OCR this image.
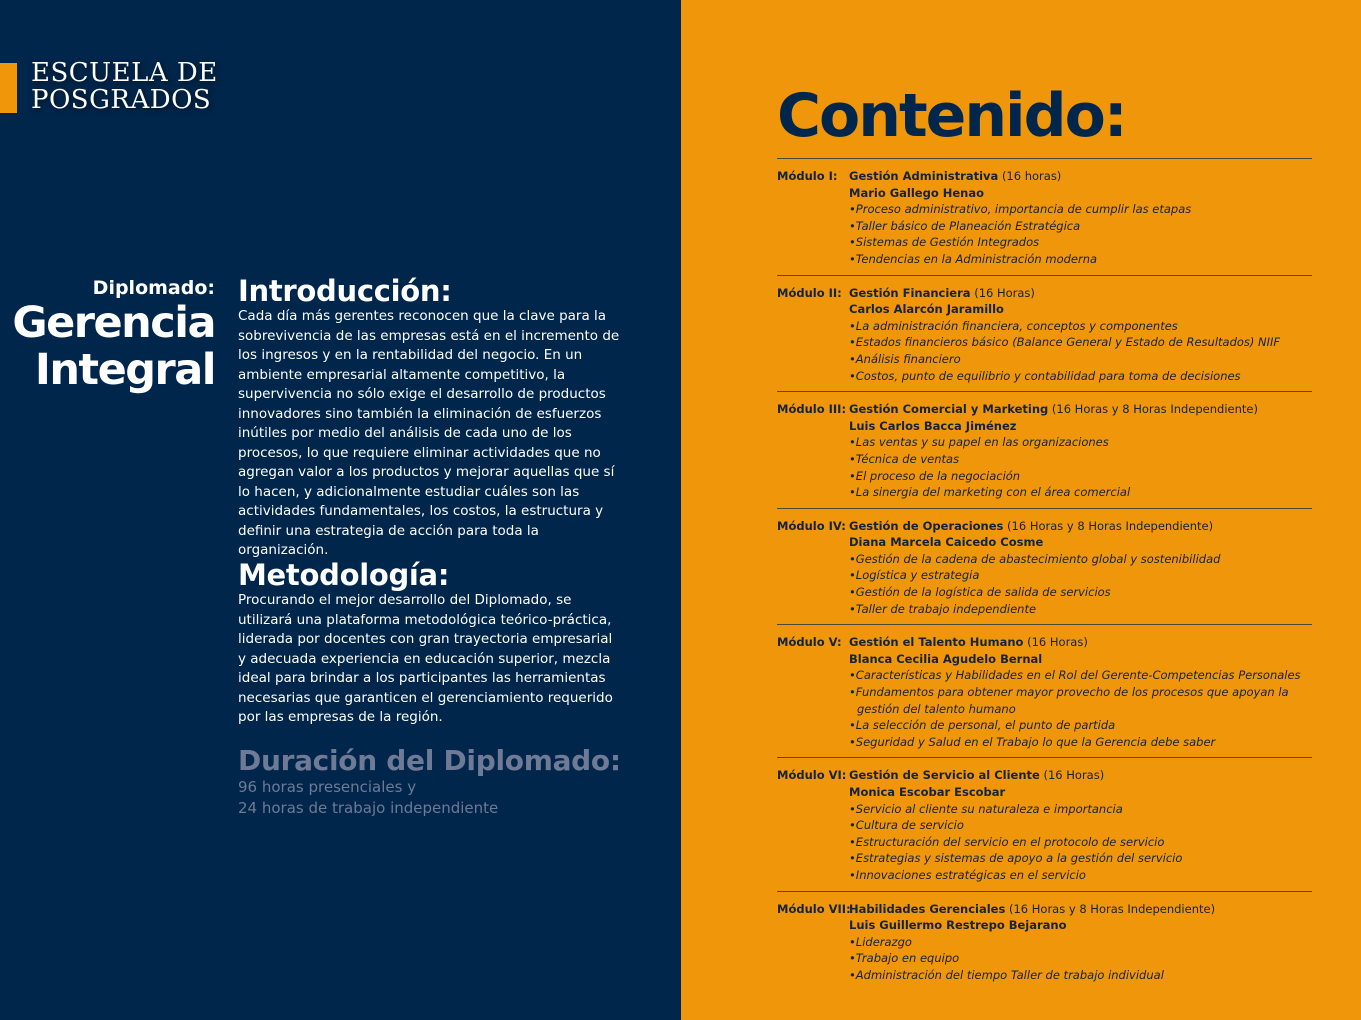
ESCUELA DE
POSGRADOS
Diplomado:
Gerencia
Integral
Introducción:

Cada día más gerentes reconocen que la clave para la sobrevivencia de las empresas está en el incremento de los ingresos y en la rentabilidad del negocio. En un ambiente empresarial altamente competitivo, la supervivencia no sólo exige el desarrollo de productos innovadores sino también la eliminación de esfuerzos inútiles por medio del análisis de cada uno de los procesos, lo que requiere eliminar actividades que no agregan valor a los productos y mejorar aquellas que sí lo hacen, y adicionalmente estudiar cuáles son las actividades fundamentales, los costos, la estructura y definir una estrategia de acción para toda la organización.

Metodología:

Procurando el mejor desarrollo del Diplomado, se utilizará una plataforma metodológica teórico-práctica, liderada por docentes con gran trayectoria empresarial y adecuada experiencia en educación superior, mezcla ideal para brindar a los participantes las herramientas necesarias que garanticen el gerenciamiento requerido por las empresas de la región.

Duración del Diplomado:
96 horas presenciales y
24 horas de trabajo independiente
Contenido:
Módulo I:	Gestión Administrativa (16 horas)
Mario Gallego Henao
•Proceso administrativo, importancia de cumplir las etapas
•Taller básico de Planeación Estratégica
•Sistemas de Gestión Integrados
•Tendencias en la Administración moderna
Módulo II: Gestión Financiera (16 Horas)
Carlos Alarcón Jaramillo
•La administración financiera, conceptos y componentes
•Estados financieros básico (Balance General y Estado de Resultados) NIIF
•Análisis financiero
•Costos, punto de equilibrio y contabilidad para toma de decisiones
Módulo III: Gestión Comercial y Marketing (16 Horas y 8 Horas Independiente)
Luis Carlos Bacca Jiménez
•Las ventas y su papel en las organizaciones
•Técnica de ventas
•El proceso de la negociación
•La sinergia del marketing con el área comercial
Módulo IV: Gestión de Operaciones (16 Horas y 8 Horas Independiente)
Diana Marcela Caicedo Cosme
•Gestión de la cadena de abastecimiento global y sostenibilidad
•Logística y estrategia
•Gestión de la logística de salida de servicios
•Taller de trabajo independiente
Módulo V: Gestión el Talento Humano (16 Horas)
Blanca Cecilia Agudelo Bernal
•Características y Habilidades en el Rol del Gerente-Competencias Personales
•Fundamentos para obtener mayor provecho de los procesos que apoyan la gestión del talento humano
•La selección de personal, el punto de partida
•Seguridad y Salud en el Trabajo lo que la Gerencia debe saber
Módulo VI: Gestión de Servicio al Cliente (16 Horas)
Monica Escobar Escobar
•Servicio al cliente su naturaleza e importancia
•Cultura de servicio
•Estructuración del servicio en el protocolo de servicio
•Estrategias y sistemas de apoyo a la gestión del servicio
•Innovaciones estratégicas en el servicio
Módulo VII:
Habilidades Gerenciales (16 Horas y 8 Horas Independiente)
Luis Guillermo Restrepo Bejarano
•Liderazgo
•Trabajo en equipo
•Administración del tiempo Taller de trabajo individual
